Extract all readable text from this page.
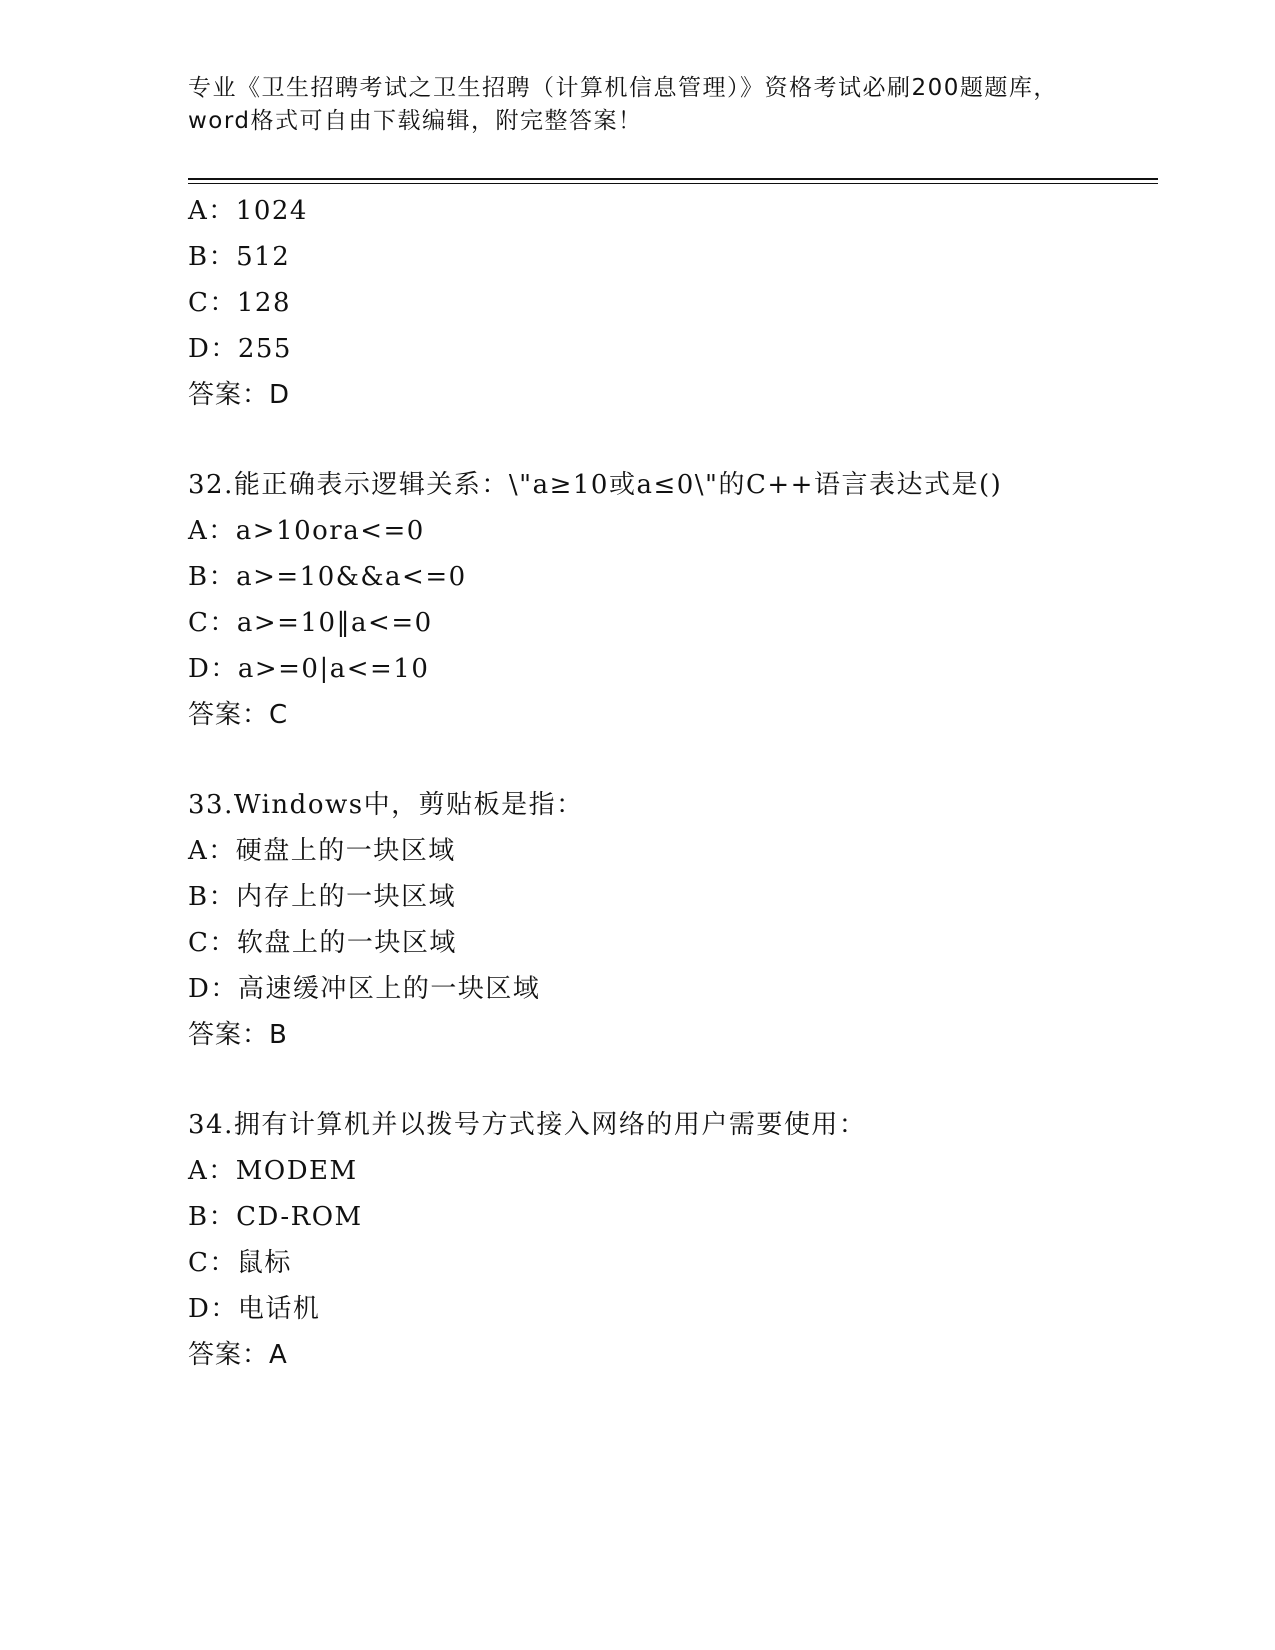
专业《卫生招聘考试之卫生招聘（计算机信息管理）》资格考试必刷200题题库，
word格式可自由下载编辑，附完整答案！
A：1024
B：512
C：128
D：255
答案：D
32.能正确表示逻辑关系：\"a≥10或a≤0\"的C++语言表达式是()
A：a>10ora<=0
B：a>=10&&a<=0
C：a>=10‖a<=0
D：a>=0|a<=10
答案：C
33.Windows中，剪贴板是指：
A：硬盘上的一块区域
B：内存上的一块区域
C：软盘上的一块区域
D：高速缓冲区上的一块区域
答案：B
34.拥有计算机并以拨号方式接入网络的用户需要使用：
A：MODEM
B：CD-ROM
C：鼠标
D：电话机
答案：A
